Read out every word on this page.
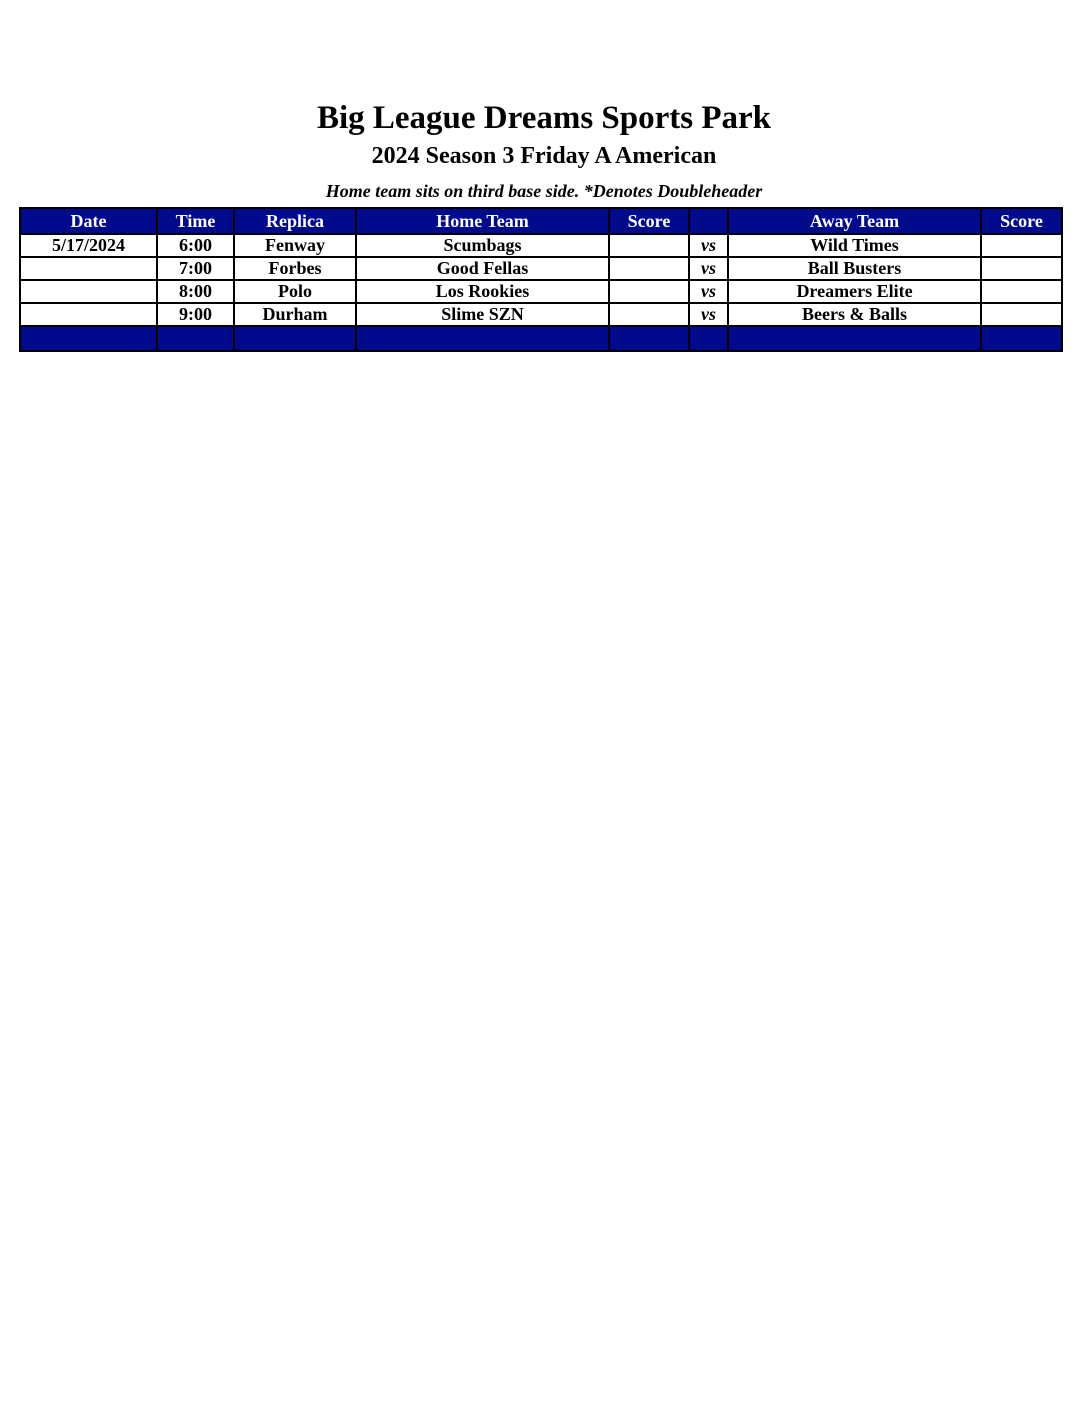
Big League Dreams Sports Park
2024 Season 3 Friday A American
Home team sits on third base side. *Denotes Doubleheader
Date	Time	Replica	Home Team	Score		Away Team	Score
5/17/2024	6:00	Fenway	Scumbags		vs	Wild Times	
	7:00	Forbes	Good Fellas		vs	Ball Busters	
	8:00	Polo	Los Rookies		vs	Dreamers Elite	
	9:00	Durham	Slime SZN		vs	Beers & Balls	
